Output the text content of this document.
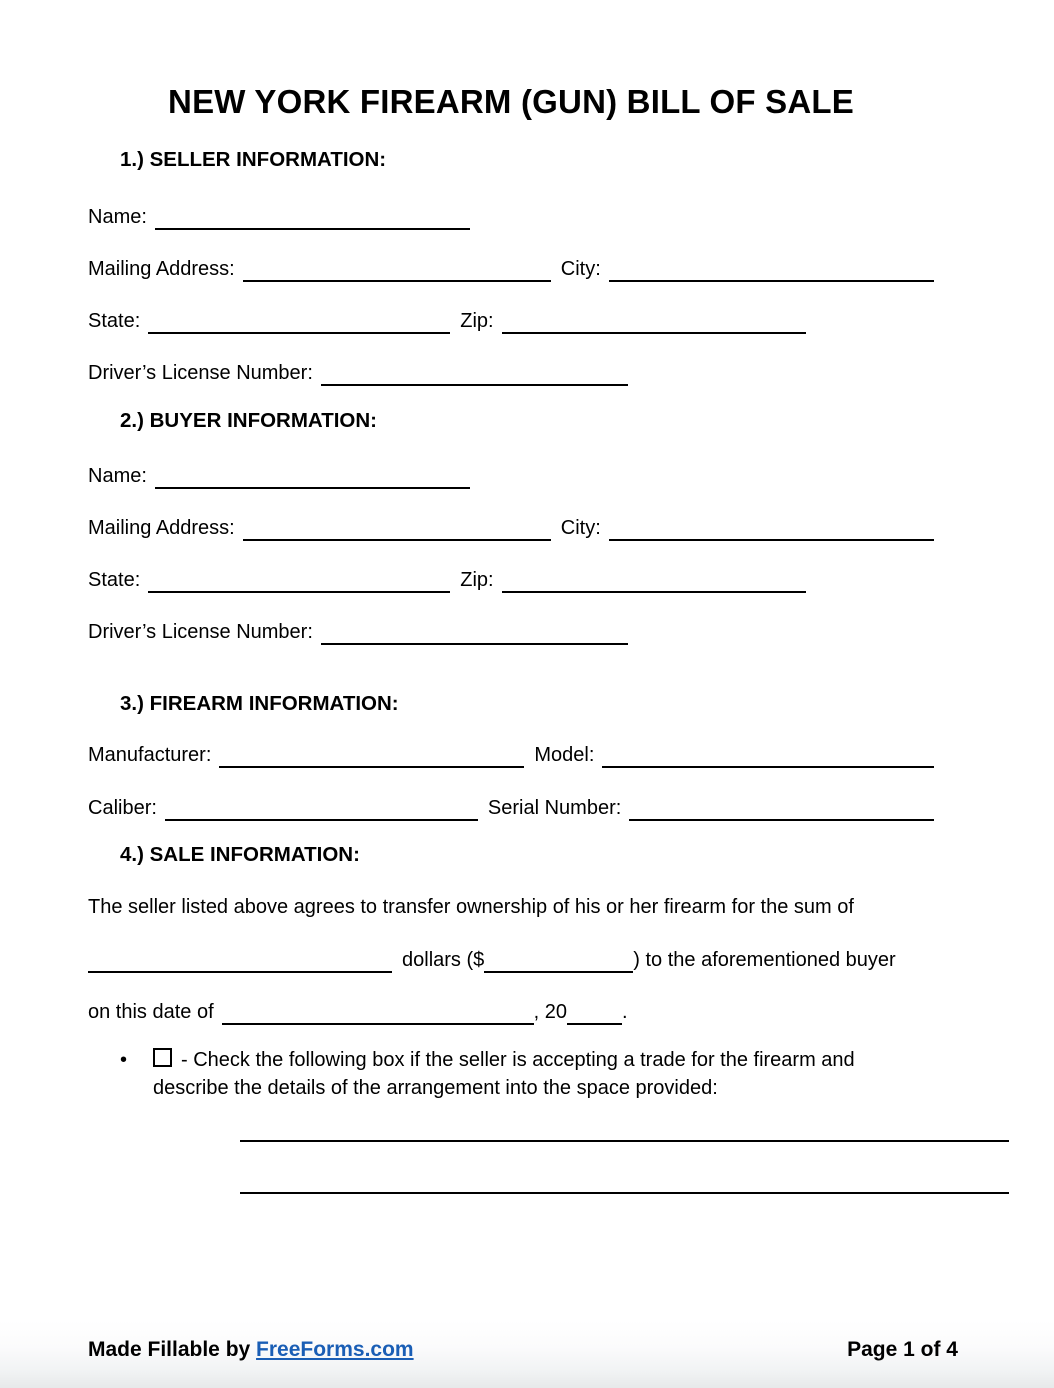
NEW YORK FIREARM (GUN) BILL OF SALE
1.) SELLER INFORMATION:
Name:
Mailing Address:	City:
State:	Zip:
Driver’s License Number:
2.) BUYER INFORMATION:
Name:
Mailing Address:	City:
State:	Zip:
Driver’s License Number:
3.) FIREARM INFORMATION:
Manufacturer:	Model:
Caliber:	Serial Number:
4.) SALE INFORMATION:
The seller listed above agrees to transfer ownership of his or her firearm for the sum of
dollars ($	) to the aforementioned buyer
on this date of	, 20	.
•	- Check the following box if the seller is accepting a trade for the firearm and describe the details of the arrangement into the space provided:
Made Fillable by FreeForms.com	Page 1 of 4
